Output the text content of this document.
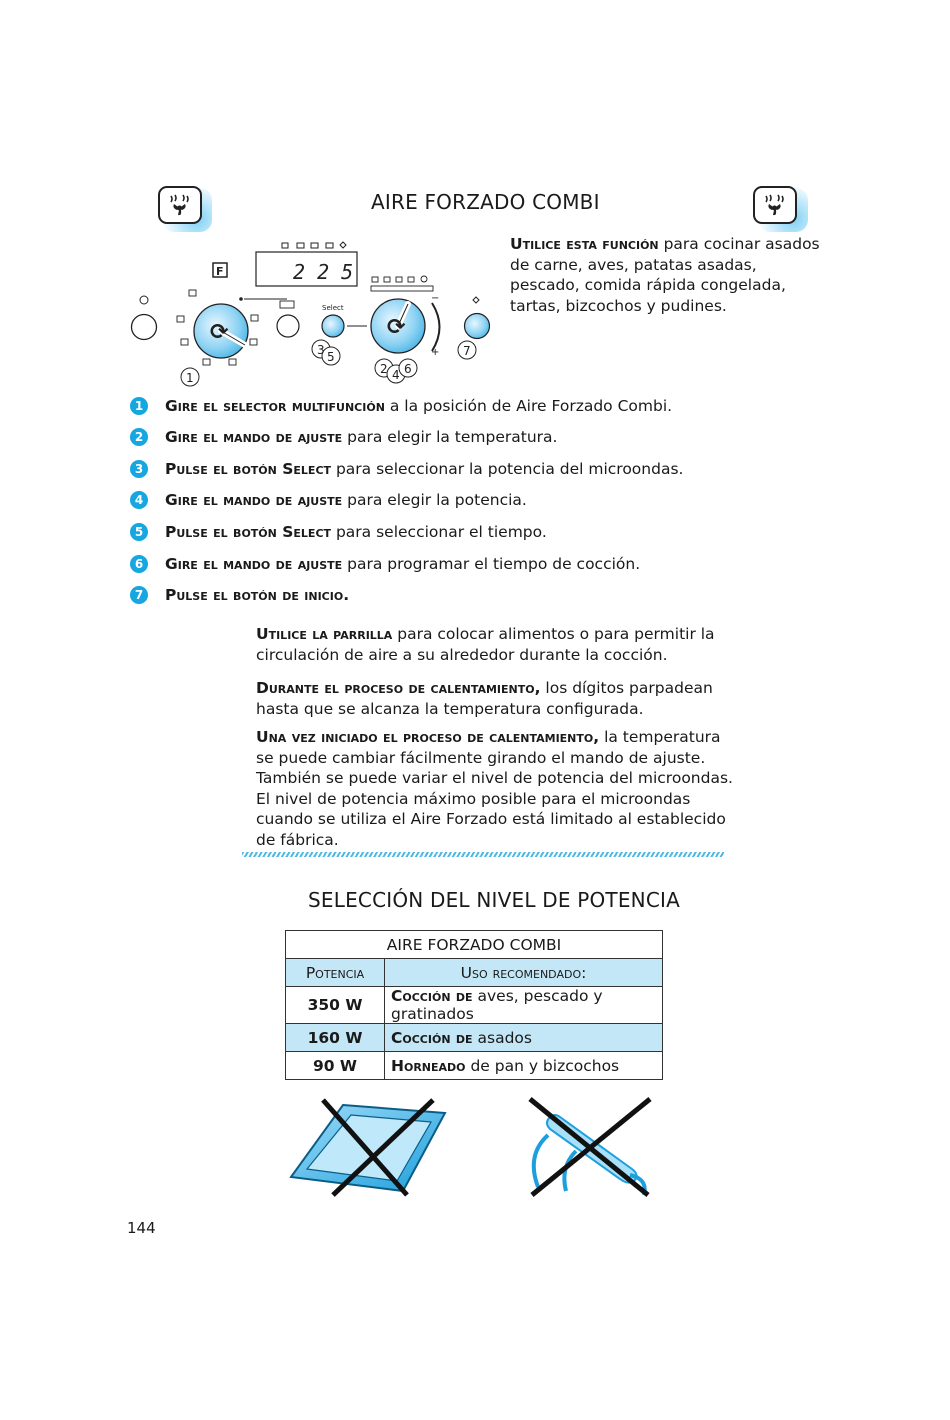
AIRE FORZADO COMBI
2 2 5
F
⟳
Select
⟳
−
+
1
3 5
2 4 6
7
Utilice esta función para cocinar asados de carne, aves, patatas asadas, pescado, comida rápida congelada, tartas, bizcochos y pudines.
1	Gire el selector multifunción a la posición de Aire Forzado Combi.
2	Gire el mando de ajuste para elegir la temperatura.
3	Pulse el botón Select para seleccionar la potencia del microondas.
4	Gire el mando de ajuste para elegir la potencia.
5	Pulse el botón Select para seleccionar el tiempo.
6	Gire el mando de ajuste para programar el tiempo de cocción.
7	Pulse el botón de inicio.
Utilice la parrilla para colocar alimentos o para permitir la circulación de aire a su alrededor durante la cocción.
Durante el proceso de calentamiento, los dígitos parpadean hasta que se alcanza la temperatura configurada.
Una vez iniciado el proceso de calentamiento, la temperatura se puede cambiar fácilmente girando el mando de ajuste. También se puede variar el nivel de potencia del microondas. El nivel de potencia máximo posible para el microondas cuando se utiliza el Aire Forzado está limitado al establecido de fábrica.
SELECCIÓN DEL NIVEL DE POTENCIA
AIRE FORZADO COMBI	
Potencia	Uso recomendado:
350 W	Cocción de aves, pescado y gratinados
160 W	Cocción de asados
90 W	Horneado de pan y bizcochos
144
